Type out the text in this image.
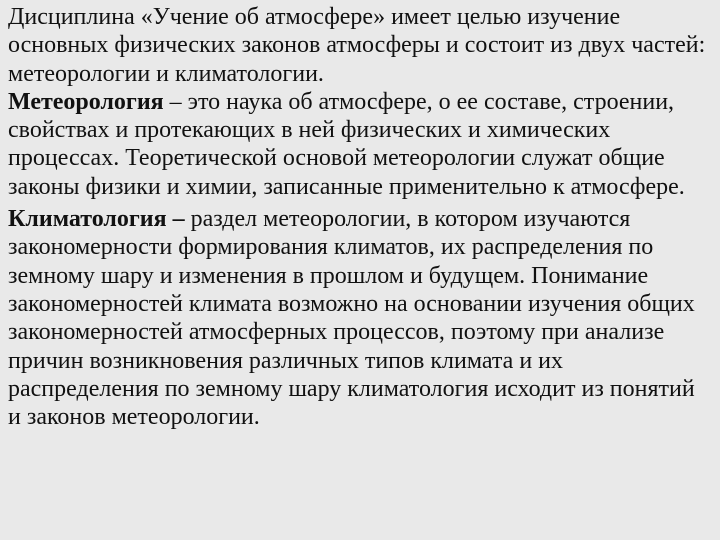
Дисциплина «Учение об атмосфере» имеет целью изучение основных физических законов атмосферы и состоит из двух частей: метеорологии и климатологии.
Метеорология – это наука об атмосфере, о ее составе, строении, свойствах и протекающих в ней физических и химических процессах. Теоретической основой метеорологии служат общие законы физики и химии, записанные применительно к атмосфере.

Климатология – раздел метеорологии, в котором изучаются закономерности формирования климатов, их распределения по земному шару и изменения в прошлом и будущем. Понимание закономерностей климата возможно на основании изучения общих закономерностей атмосферных процессов, поэтому при анализе причин возникновения различных типов климата и их распределения по земному шару климатология исходит из понятий и законов метеорологии.
